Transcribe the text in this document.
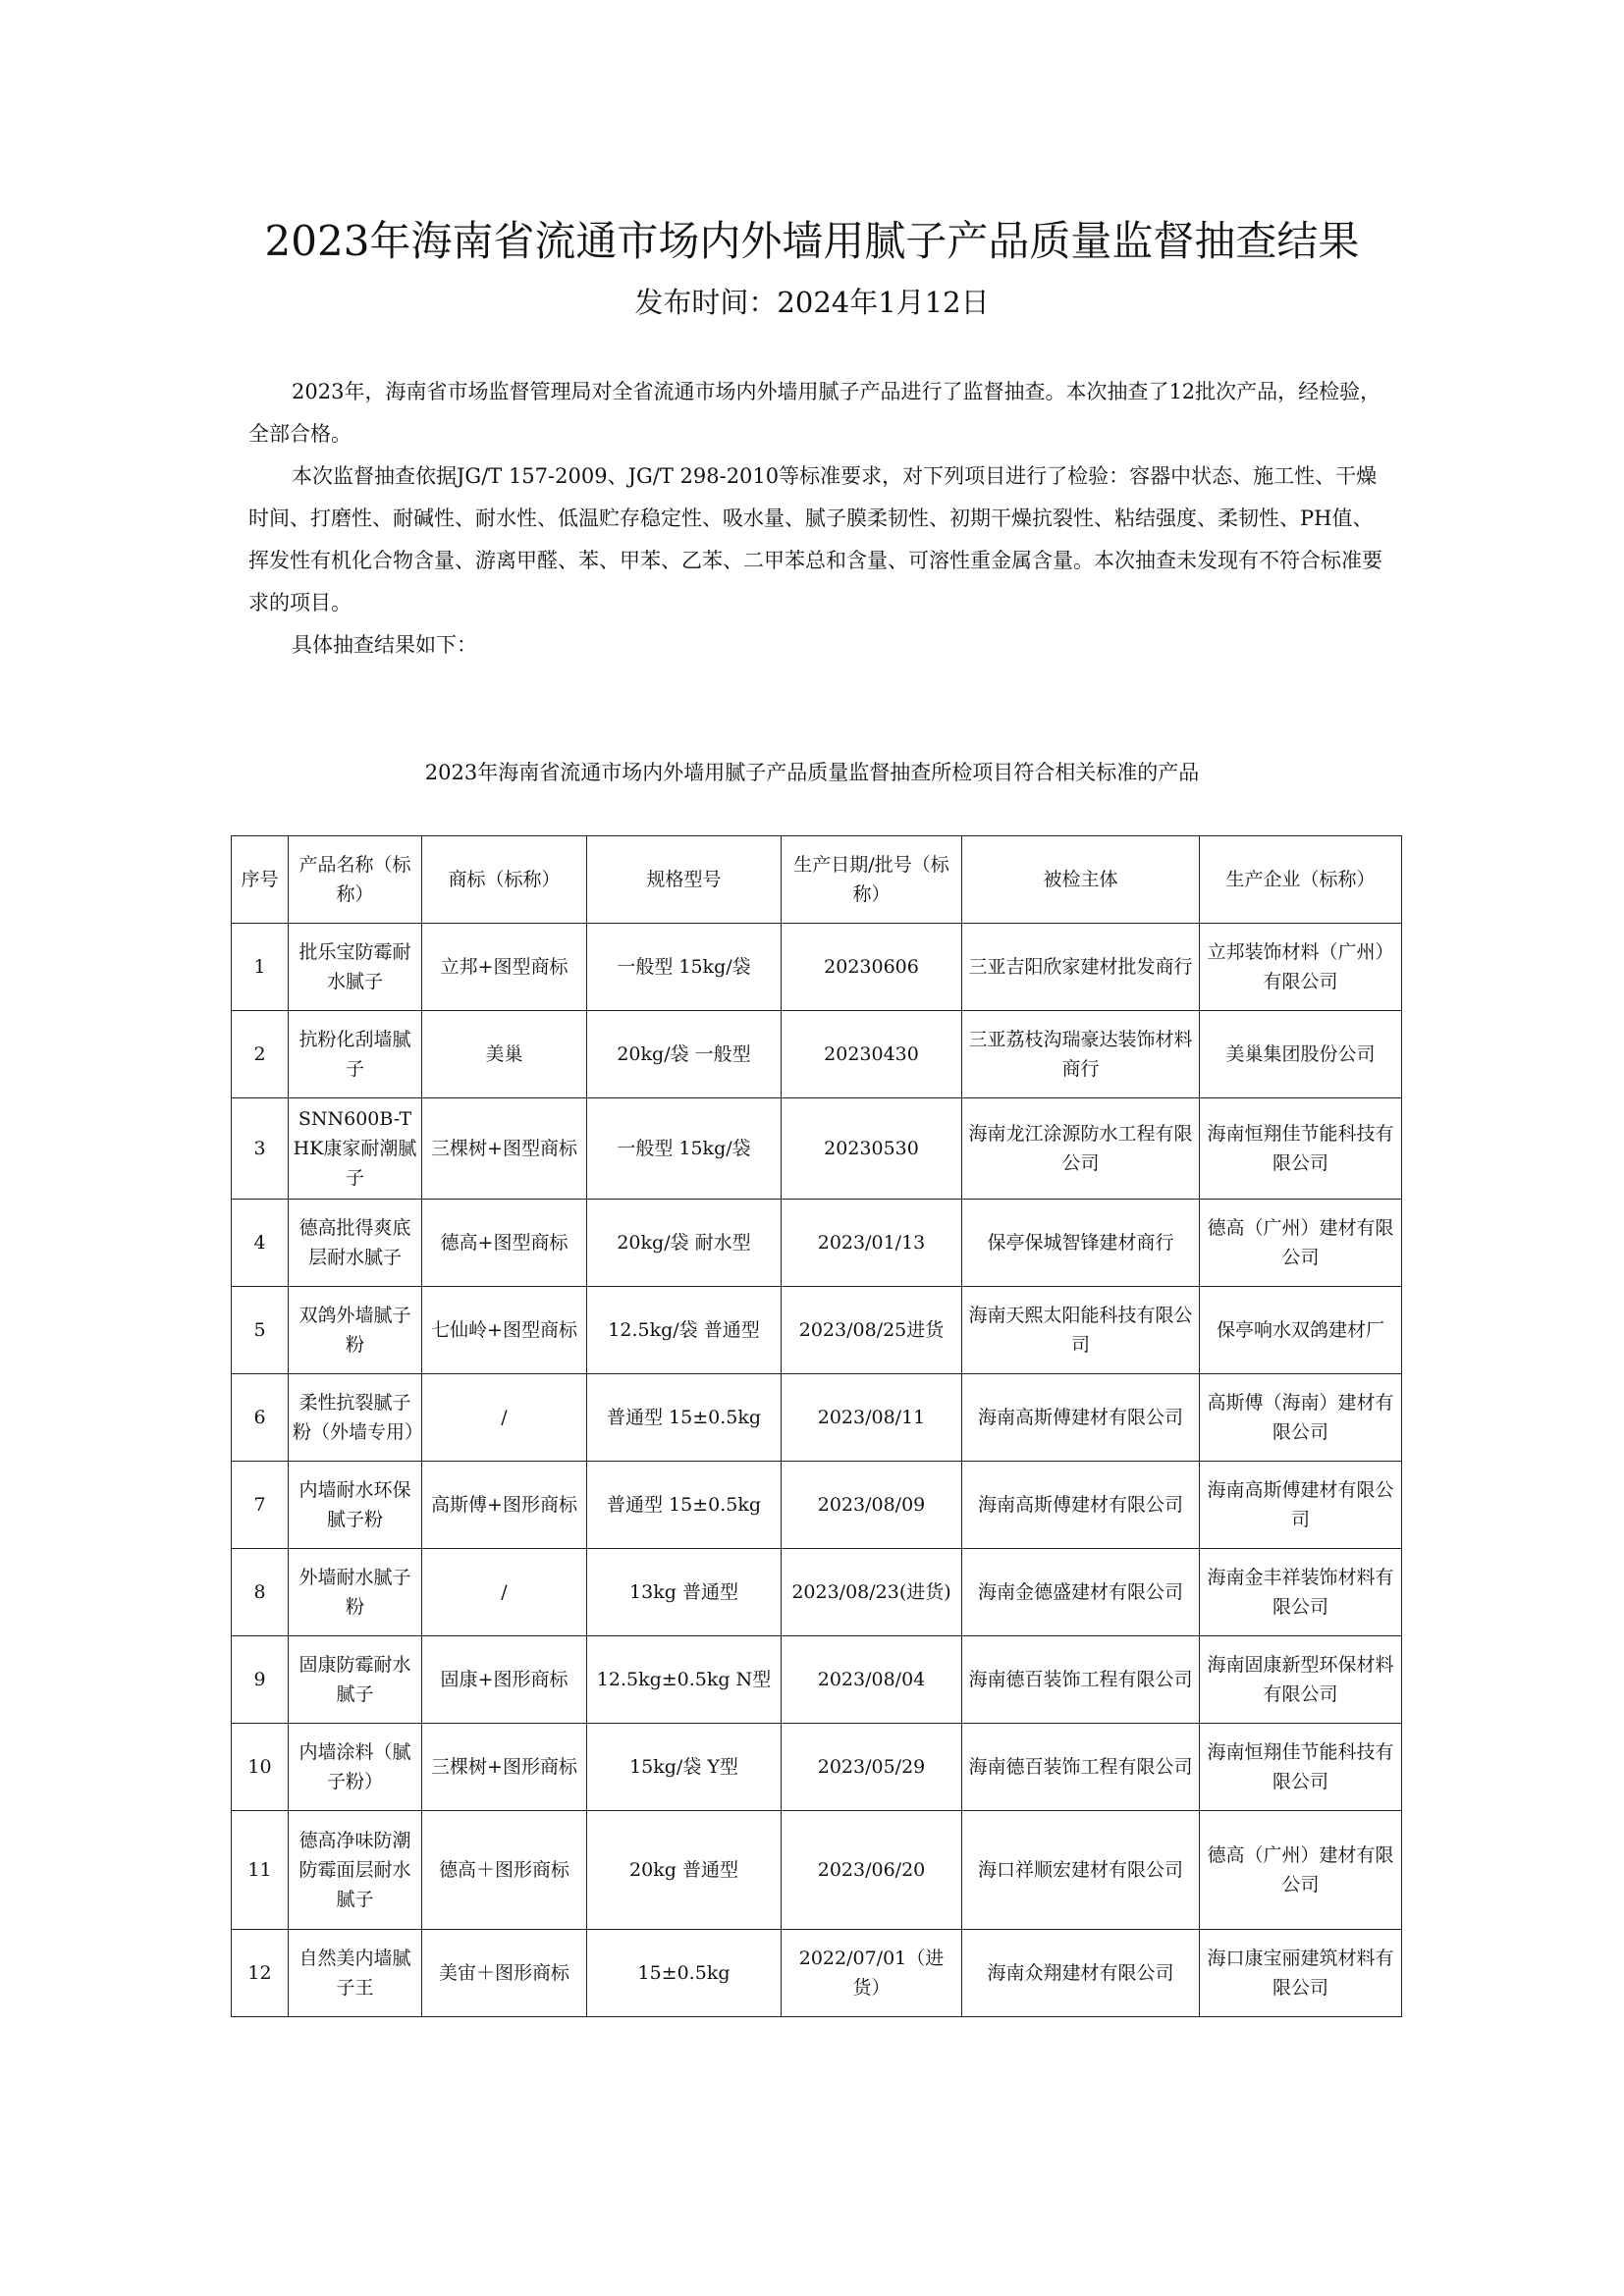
2023年海南省流通市场内外墙用腻子产品质量监督抽查结果
发布时间：2024年1月12日

2023年，海南省市场监督管理局对全省流通市场内外墙用腻子产品进行了监督抽查。本次抽查了12批次产品，经检验，全部合格。

本次监督抽查依据JG/T 157-2009、JG/T 298-2010等标准要求，对下列项目进行了检验：容器中状态、施工性、干燥时间、打磨性、耐碱性、耐水性、低温贮存稳定性、吸水量、腻子膜柔韧性、初期干燥抗裂性、粘结强度、柔韧性、PH值、挥发性有机化合物含量、游离甲醛、苯、甲苯、乙苯、二甲苯总和含量、可溶性重金属含量。本次抽查未发现有不符合标准要求的项目。

具体抽查结果如下：

2023年海南省流通市场内外墙用腻子产品质量监督抽查所检项目符合相关标准的产品
序号	产品名称（标称）	商标（标称）	规格型号	生产日期/批号（标称）	被检主体	生产企业（标称）
1	批乐宝防霉耐水腻子	立邦+图型商标	一般型 15kg/袋	20230606	三亚吉阳欣家建材批发商行	立邦装饰材料（广州）有限公司
2	抗粉化刮墙腻子	美巢	20kg/袋 一般型	20230430	三亚荔枝沟瑞豪达装饰材料商行	美巢集团股份公司
3	SNN600B-THK康家耐潮腻子	三棵树+图型商标	一般型 15kg/袋	20230530	海南龙江涂源防水工程有限公司	海南恒翔佳节能科技有限公司
4	德高批得爽底层耐水腻子	德高+图型商标	20kg/袋 耐水型	2023/01/13	保亭保城智锋建材商行	德高（广州）建材有限公司
5	双鸽外墙腻子粉	七仙岭+图型商标	12.5kg/袋 普通型	2023/08/25进货	海南天熙太阳能科技有限公司	保亭响水双鸽建材厂
6	柔性抗裂腻子粉（外墙专用）	/	普通型 15±0.5kg	2023/08/11	海南高斯傅建材有限公司	高斯傅（海南）建材有限公司
7	内墙耐水环保腻子粉	高斯傅+图形商标	普通型 15±0.5kg	2023/08/09	海南高斯傅建材有限公司	海南高斯傅建材有限公司
8	外墙耐水腻子粉	/	13kg 普通型	2023/08/23(进货)	海南金德盛建材有限公司	海南金丰祥装饰材料有限公司
9	固康防霉耐水腻子	固康+图形商标	12.5kg±0.5kg N型	2023/08/04	海南德百装饰工程有限公司	海南固康新型环保材料有限公司
10	内墙涂料（腻子粉）	三棵树+图形商标	15kg/袋 Y型	2023/05/29	海南德百装饰工程有限公司	海南恒翔佳节能科技有限公司
11	德高净味防潮防霉面层耐水腻子	德高＋图形商标	20kg 普通型	2023/06/20	海口祥顺宏建材有限公司	德高（广州）建材有限公司
12	自然美内墙腻子王	美宙＋图形商标	15±0.5kg	2022/07/01（进货）	海南众翔建材有限公司	海口康宝丽建筑材料有限公司
